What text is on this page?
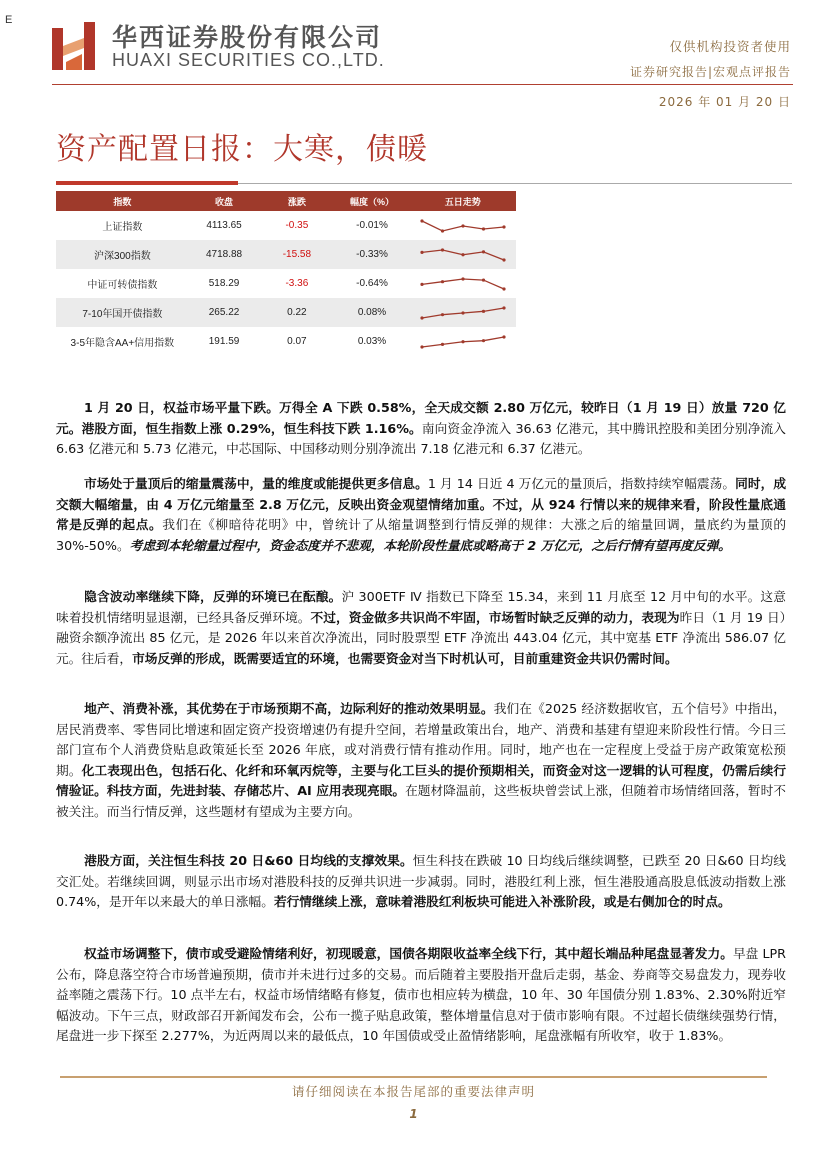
E
华西证券股份有限公司
HUAXI SECURITIES CO.,LTD.
仅供机构投资者使用
证券研究报告|宏观点评报告
2026 年 01 月 20 日
资产配置日报：大寒，债暖
指数	收盘	涨跌	幅度（%）	五日走势
上证指数	4113.65	-0.35	-0.01%	

沪深300指数	4718.88	-15.58	-0.33%	

中证可转债指数	518.29	-3.36	-0.64%	

7-10年国开债指数	265.22	0.22	0.08%	

3-5年隐含AA+信用指数	191.59	0.07	0.03%	
1 月 20 日，权益市场平量下跌。万得全 A 下跌 0.58%，全天成交额 2.80 万亿元，较昨日（1 月 19 日）放量 720 亿元。港股方面，恒生指数上涨 0.29%，恒生科技下跌 1.16%。南向资金净流入 36.63 亿港元，其中腾讯控股和美团分别净流入 6.63 亿港元和 5.73 亿港元，中芯国际、中国移动则分别净流出 7.18 亿港元和 6.37 亿港元。
市场处于量顶后的缩量震荡中，量的维度或能提供更多信息。1 月 14 日近 4 万亿元的量顶后，指数持续窄幅震荡。同时，成交额大幅缩量，由 4 万亿元缩量至 2.8 万亿元，反映出资金观望情绪加重。不过，从 924 行情以来的规律来看，阶段性量底通常是反弹的起点。我们在《柳暗待花明》中，曾统计了从缩量调整到行情反弹的规律：大涨之后的缩量回调，量底约为量顶的 30%-50%。考虑到本轮缩量过程中，资金态度并不悲观，本轮阶段性量底或略高于 2 万亿元，之后行情有望再度反弹。
隐含波动率继续下降，反弹的环境已在酝酿。沪 300ETF Ⅳ 指数已下降至 15.34，来到 11 月底至 12 月中旬的水平。这意味着投机情绪明显退潮，已经具备反弹环境。不过，资金做多共识尚不牢固，市场暂时缺乏反弹的动力，表现为昨日（1 月 19 日）融资余额净流出 85 亿元，是 2026 年以来首次净流出，同时股票型 ETF 净流出 443.04 亿元，其中宽基 ETF 净流出 586.07 亿元。往后看，市场反弹的形成，既需要适宜的环境，也需要资金对当下时机认可，目前重建资金共识仍需时间。
地产、消费补涨，其优势在于市场预期不高，边际利好的推动效果明显。我们在《2025 经济数据收官，五个信号》中指出，居民消费率、零售同比增速和固定资产投资增速仍有提升空间，若增量政策出台，地产、消费和基建有望迎来阶段性行情。今日三部门宣布个人消费贷贴息政策延长至 2026 年底，或对消费行情有推动作用。同时，地产也在一定程度上受益于房产政策宽松预期。化工表现出色，包括石化、化纤和环氧丙烷等，主要与化工巨头的提价预期相关，而资金对这一逻辑的认可程度，仍需后续行情验证。科技方面，先进封装、存储芯片、AI 应用表现亮眼。在题材降温前，这些板块曾尝试上涨，但随着市场情绪回落，暂时不被关注。而当行情反弹，这些题材有望成为主要方向。
港股方面，关注恒生科技 20 日&60 日均线的支撑效果。恒生科技在跌破 10 日均线后继续调整，已跌至 20 日&60 日均线交汇处。若继续回调，则显示出市场对港股科技的反弹共识进一步减弱。同时，港股红利上涨，恒生港股通高股息低波动指数上涨 0.74%，是开年以来最大的单日涨幅。若行情继续上涨，意味着港股红利板块可能进入补涨阶段，或是右侧加仓的时点。
权益市场调整下，债市或受避险情绪利好，初现暖意，国债各期限收益率全线下行，其中超长端品种尾盘显著发力。早盘 LPR 公布，降息落空符合市场普遍预期，债市并未进行过多的交易。而后随着主要股指开盘后走弱，基金、券商等交易盘发力，现券收益率随之震荡下行。10 点半左右，权益市场情绪略有修复，债市也相应转为横盘，10 年、30 年国债分别 1.83%、2.30%附近窄幅波动。下午三点，财政部召开新闻发布会，公布一揽子贴息政策，整体增量信息对于债市影响有限。不过超长债继续强势行情，尾盘进一步下探至 2.277%，为近两周以来的最低点，10 年国债或受止盈情绪影响，尾盘涨幅有所收窄，收于 1.83%。
请仔细阅读在本报告尾部的重要法律声明
1
